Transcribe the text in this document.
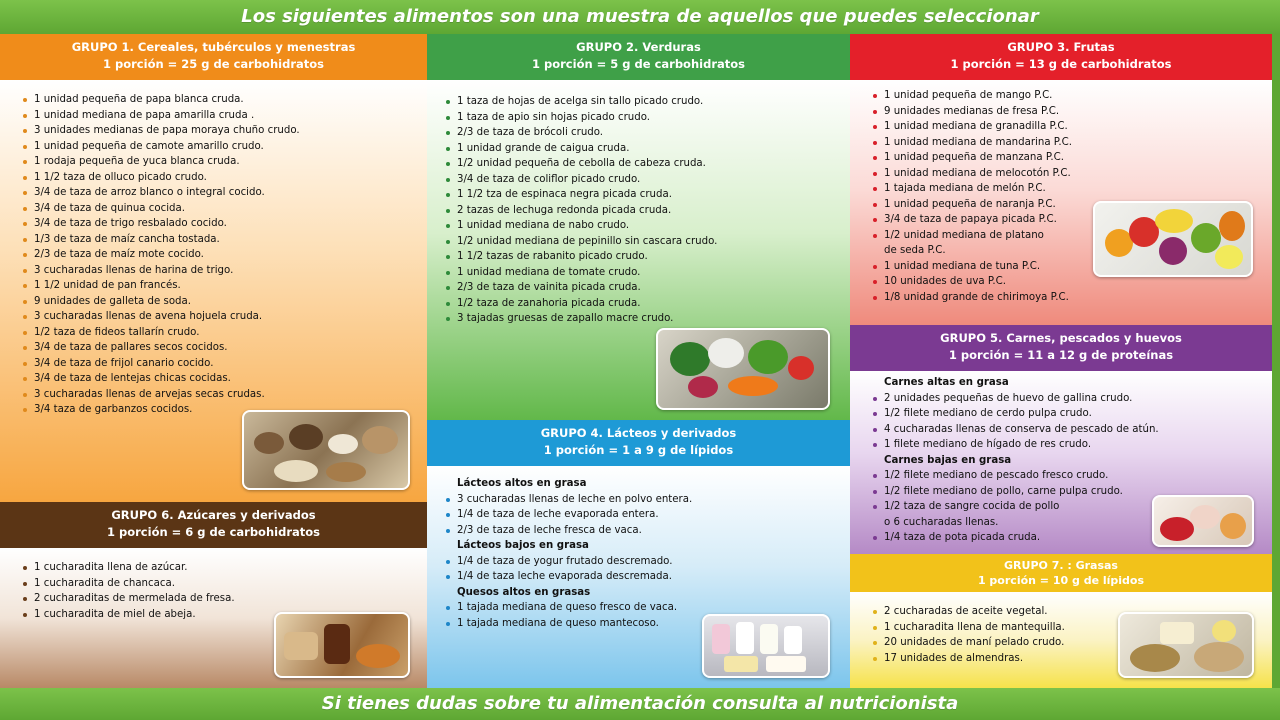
Los siguientes alimentos son una muestra de aquellos que puedes seleccionar
GRUPO 1. Cereales, tubérculos y menestras
1 porción = 25 g de carbohidratos
1 unidad pequeña de papa blanca cruda.
1 unidad mediana de papa amarilla cruda .
3 unidades medianas de papa moraya chuño crudo.
1 unidad pequeña de camote amarillo crudo.
1 rodaja pequeña de yuca blanca cruda.
1 1/2 taza de olluco picado crudo.
3/4 de taza de arroz blanco o integral cocido.
3/4 de taza de quinua cocida.
3/4 de taza de trigo resbalado cocido.
1/3 de taza de maíz cancha tostada.
2/3 de taza de maíz mote cocido.
3 cucharadas llenas de harina de trigo.
1 1/2 unidad de pan francés.
9 unidades de galleta de soda.
3 cucharadas llenas de avena hojuela cruda.
1/2 taza de fideos tallarín crudo.
3/4 de taza de pallares secos cocidos.
3/4 de taza de frijol canario cocido.
3/4 de taza de lentejas chicas cocidas.
3 cucharadas llenas de arvejas secas crudas.
3/4 taza de garbanzos cocidos.
GRUPO 6. Azúcares y derivados
1 porción = 6 g de carbohidratos
1 cucharadita llena de azúcar.
1 cucharadita de chancaca.
2 cucharaditas de mermelada de fresa.
1 cucharadita de miel de abeja.
GRUPO 2. Verduras
1 porción = 5 g de carbohidratos
1 taza de hojas de acelga sin tallo picado crudo.
1 taza de apio sin hojas picado crudo.
2/3 de taza de brócoli crudo.
1 unidad grande de caigua cruda.
1/2 unidad pequeña de cebolla de cabeza cruda.
3/4 de taza de coliflor picado crudo.
1 1/2 tza de espinaca negra picada cruda.
2 tazas de lechuga redonda picada cruda.
1 unidad mediana de nabo crudo.
1/2 unidad mediana de pepinillo sin cascara crudo.
1 1/2 tazas de rabanito picado crudo.
1 unidad mediana de tomate crudo.
2/3 de taza de vainita picada cruda.
1/2 taza de zanahoria picada cruda.
3 tajadas gruesas de zapallo macre crudo.
GRUPO 4. Lácteos y derivados
1 porción = 1 a 9 g de lípidos
Lácteos altos en grasa
3 cucharadas llenas de leche en polvo entera.
1/4 de taza de leche evaporada entera.
2/3 de taza de leche fresca de vaca.
Lácteos bajos en grasa
1/4 de taza de yogur frutado descremado.
1/4 de taza leche evaporada descremada.
Quesos altos en grasas
1 tajada mediana de queso fresco de vaca.
1 tajada mediana de queso mantecoso.
GRUPO 3. Frutas
1 porción = 13 g de carbohidratos
1 unidad pequeña de mango P.C.
9 unidades medianas de fresa P.C.
1 unidad mediana de granadilla P.C.
1 unidad mediana de mandarina P.C.
1 unidad pequeña de manzana P.C.
1 unidad mediana de melocotón P.C.
1 tajada mediana de melón P.C.
1 unidad pequeña de naranja P.C.
3/4 de taza de papaya picada P.C.
1/2 unidad mediana de platano
de seda P.C.
1 unidad mediana de tuna P.C.
10 unidades de uva P.C.
1/8 unidad grande de chirimoya P.C.
GRUPO 5. Carnes, pescados y huevos
1 porción = 11 a 12 g de proteínas
Carnes altas en grasa
2 unidades pequeñas de huevo de gallina crudo.
1/2 filete mediano de cerdo pulpa crudo.
4 cucharadas llenas de conserva de pescado de atún.
1 filete mediano de hígado de res crudo.
Carnes bajas en grasa
1/2 filete mediano de pescado fresco crudo.
1/2 filete mediano de pollo, carne pulpa crudo.
1/2 taza de sangre cocida de pollo
o 6 cucharadas llenas.
1/4 taza de pota picada cruda.
GRUPO 7. : Grasas
1 porción = 10 g de lípidos
2 cucharadas de aceite vegetal.
1 cucharadita llena de mantequilla.
20 unidades de maní pelado crudo.
17 unidades de almendras.
Si tienes dudas sobre tu alimentación consulta al nutricionista
